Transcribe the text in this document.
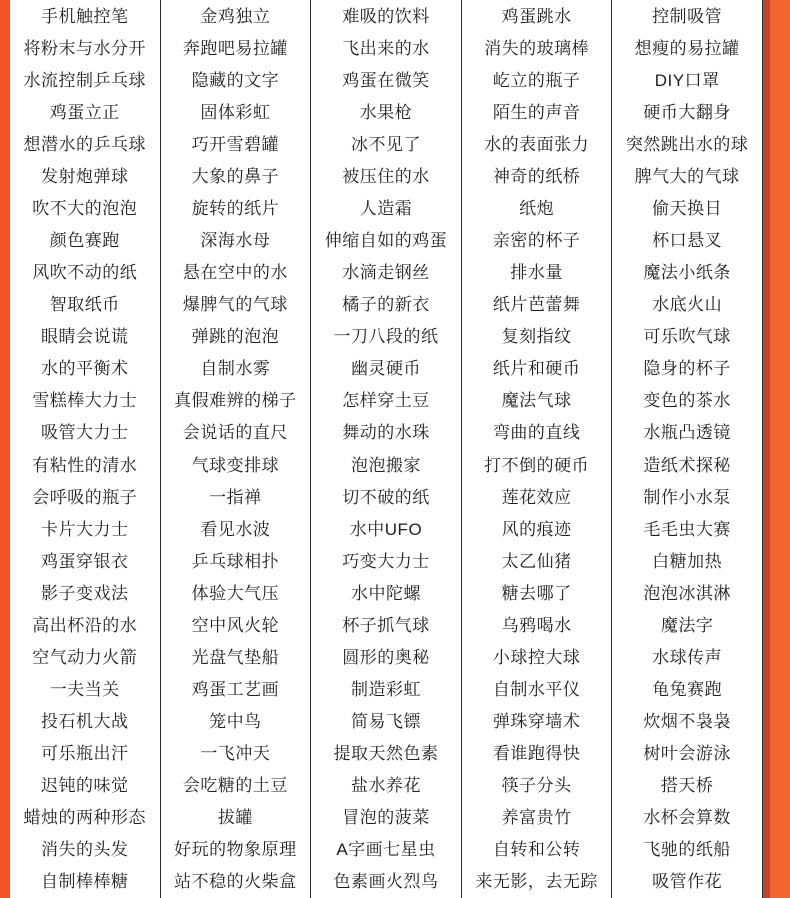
手机触控笔
将粉末与水分开
水流控制乒乓球
鸡蛋立正
想潜水的乒乓球
发射炮弹球
吹不大的泡泡
颜色赛跑
风吹不动的纸
智取纸币
眼睛会说谎
水的平衡术
雪糕棒大力士
吸管大力士
有粘性的清水
会呼吸的瓶子
卡片大力士
鸡蛋穿银衣
影子变戏法
高出杯沿的水
空气动力火箭
一夫当关
投石机大战
可乐瓶出汗
迟钝的味觉
蜡烛的两种形态
消失的头发
自制棒棒糖
金鸡独立
奔跑吧易拉罐
隐藏的文字
固体彩虹
巧开雪碧罐
大象的鼻子
旋转的纸片
深海水母
悬在空中的水
爆脾气的气球
弹跳的泡泡
自制水雾
真假难辨的梯子
会说话的直尺
气球变排球
一指禅
看见水波
乒乓球相扑
体验大气压
空中风火轮
光盘气垫船
鸡蛋工艺画
笼中鸟
一飞冲天
会吃糖的土豆
拔罐
好玩的物象原理
站不稳的火柴盒
难吸的饮料
飞出来的水
鸡蛋在微笑
水果枪
冰不见了
被压住的水
人造霜
伸缩自如的鸡蛋
水滴走钢丝
橘子的新衣
一刀八段的纸
幽灵硬币
怎样穿土豆
舞动的水珠
泡泡搬家
切不破的纸
水中UFO
巧变大力士
水中陀螺
杯子抓气球
圆形的奥秘
制造彩虹
简易飞镖
提取天然色素
盐水养花
冒泡的菠菜
A字画七星虫
色素画火烈鸟
鸡蛋跳水
消失的玻璃棒
屹立的瓶子
陌生的声音
水的表面张力
神奇的纸桥
纸炮
亲密的杯子
排水量
纸片芭蕾舞
复刻指纹
纸片和硬币
魔法气球
弯曲的直线
打不倒的硬币
莲花效应
风的痕迹
太乙仙猪
糖去哪了
乌鸦喝水
小球控大球
自制水平仪
弹珠穿墙术
看谁跑得快
筷子分头
养富贵竹
自转和公转
来无影，去无踪
控制吸管
想瘦的易拉罐
DIY口罩
硬币大翻身
突然跳出水的球
脾气大的气球
偷天换日
杯口悬叉
魔法小纸条
水底火山
可乐吹气球
隐身的杯子
变色的茶水
水瓶凸透镜
造纸术探秘
制作小水泵
毛毛虫大赛
白糖加热
泡泡冰淇淋
魔法字
水球传声
龟兔赛跑
炊烟不袅袅
树叶会游泳
搭天桥
水杯会算数
飞驰的纸船
吸管作花
